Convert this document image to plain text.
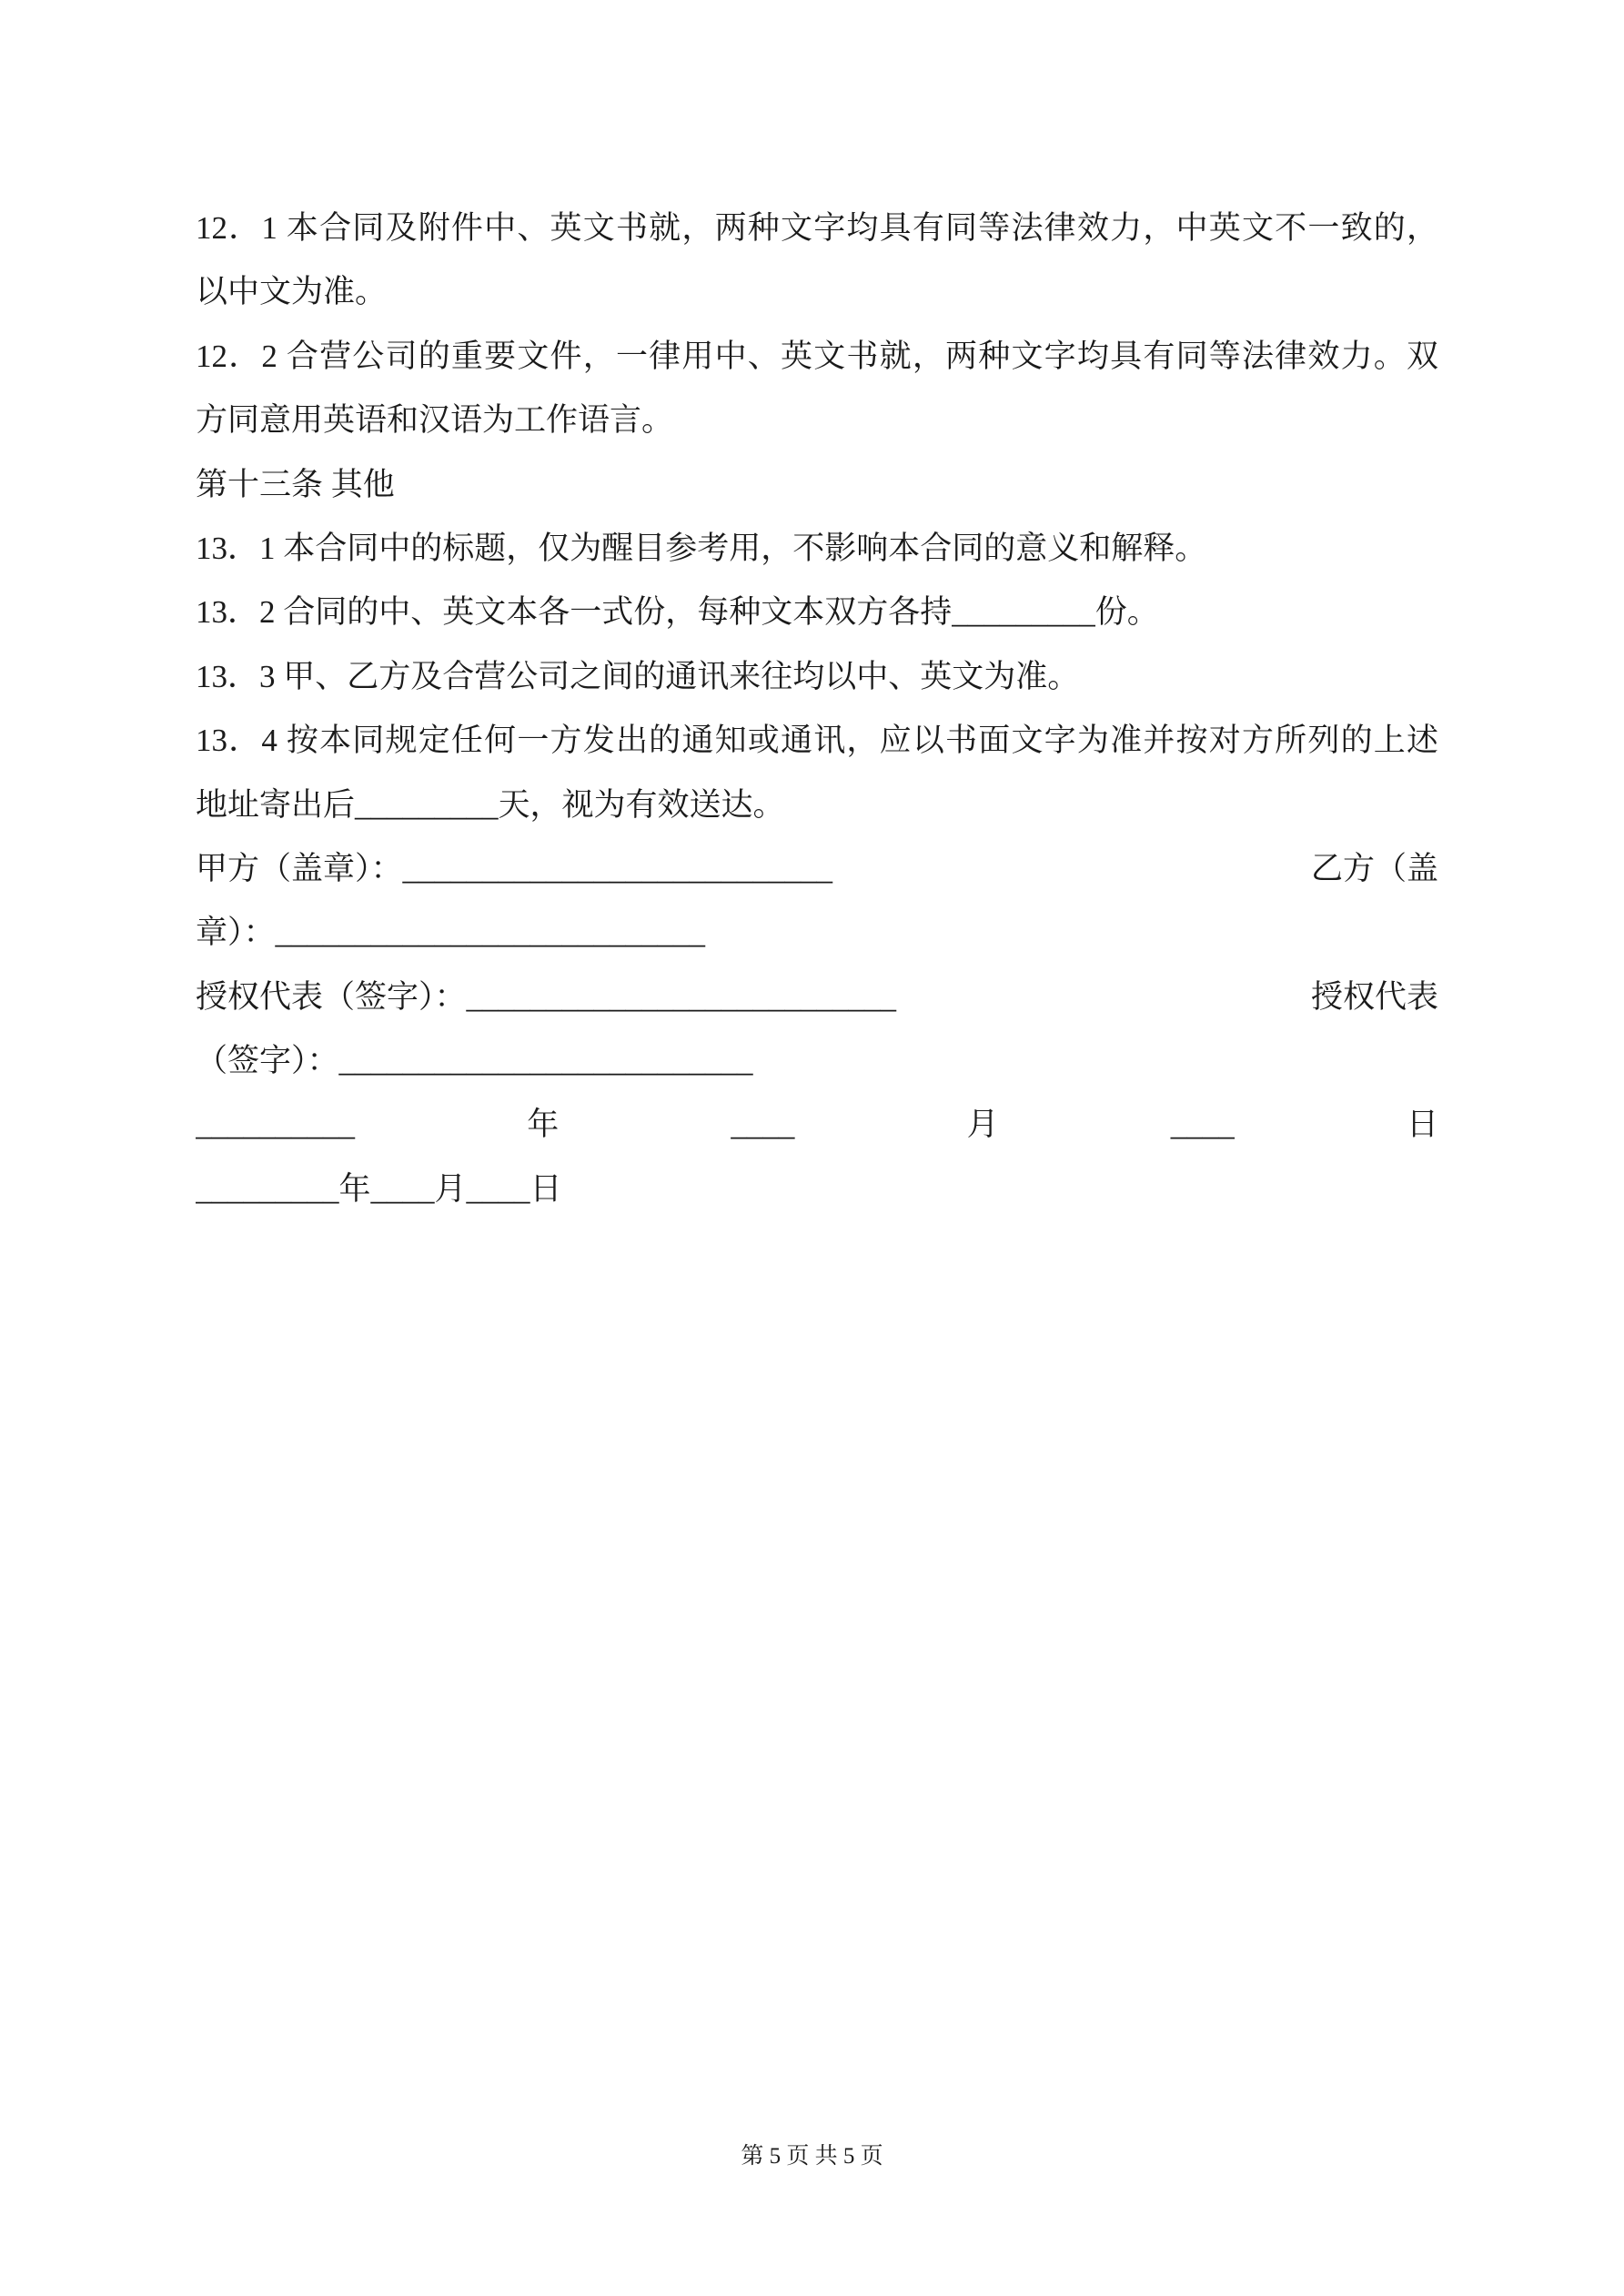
12．1 本合同及附件中、英文书就，两种文字均具有同等法律效力，中英文不一致的，
以中文为准。
12．2 合营公司的重要文件，一律用中、英文书就，两种文字均具有同等法律效力。双
方同意用英语和汉语为工作语言。
第十三条 其他
13．1 本合同中的标题，仅为醒目参考用，不影响本合同的意义和解释。
13．2 合同的中、英文本各一式份，每种文本双方各持_________份。
13．3 甲、乙方及合营公司之间的通讯来往均以中、英文为准。
13．4 按本同规定任何一方发出的通知或通讯，应以书面文字为准并按对方所列的上述
地址寄出后_________天，视为有效送达。
甲方（盖章）：___________________________	乙方（盖
章）：___________________________
授权代表（签字）：___________________________	授权代表
（签字）：__________________________
__________	年	____	月	____	日
_________年____月____日
第 5 页 共 5 页
